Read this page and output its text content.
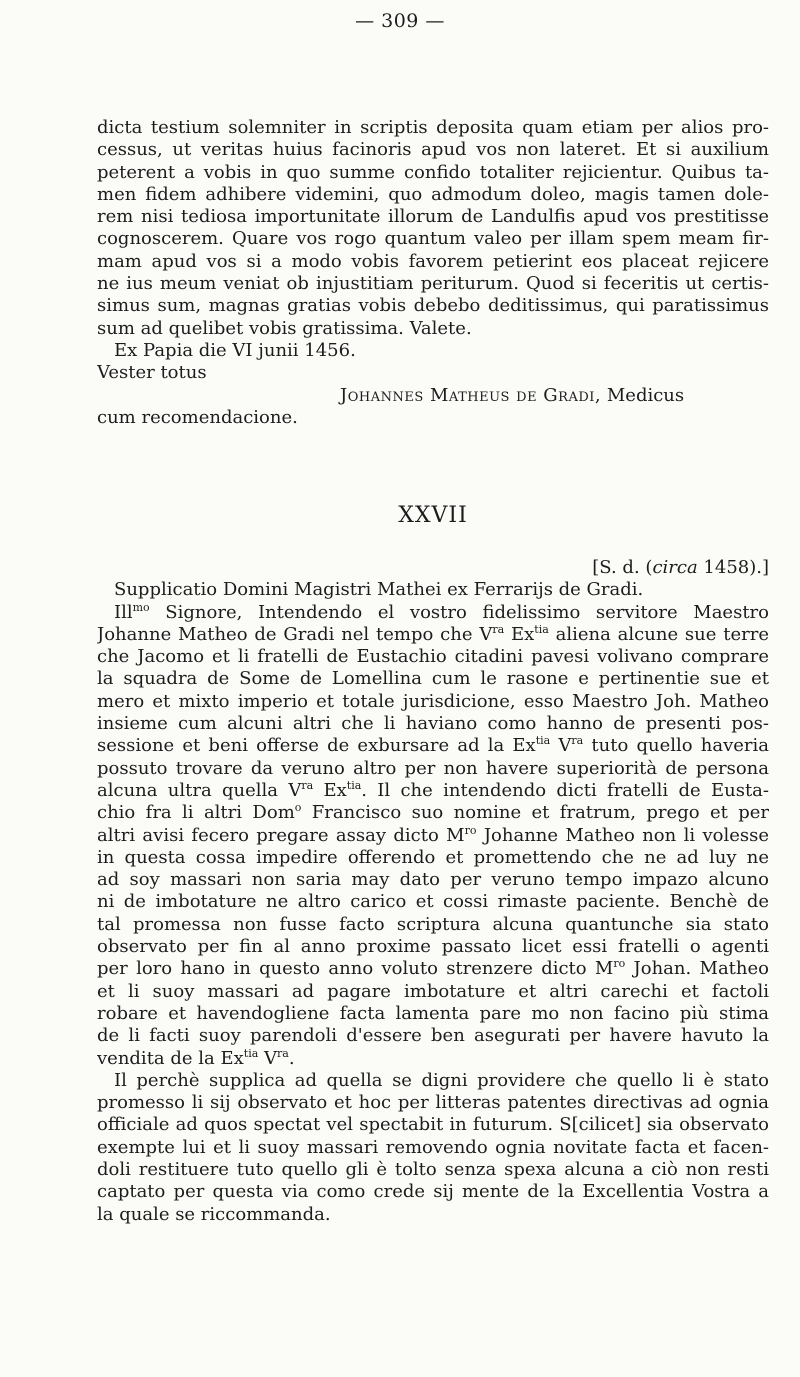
— 309 —
dicta testium solemniter in scriptis deposita quam etiam per alios pro-
cessus, ut veritas huius facinoris apud vos non lateret. Et si auxilium
peterent a vobis in quo summe confido totaliter rejicientur. Quibus ta-
men fidem adhibere videmini, quo admodum doleo, magis tamen dole-
rem nisi tediosa importunitate illorum de Landulfis apud vos prestitisse
cognoscerem. Quare vos rogo quantum valeo per illam spem meam fir-
mam apud vos si a modo vobis favorem petierint eos placeat rejicere
ne ius meum veniat ob injustitiam periturum. Quod si feceritis ut certis-
simus sum, magnas gratias vobis debebo deditissimus, qui paratissimus
sum ad quelibet vobis gratissima. Valete.
Ex Papia die VI junii 1456.
Vester totus
Johannes Matheus de Gradi, Medicus
cum recomendacione.
XXVII
[S. d. (circa 1458).]
Supplicatio Domini Magistri Mathei ex Ferrarijs de Gradi.
Ill$^{mo}$ Signore, Intendendo el vostro fidelissimo servitore Maestro
Johanne Matheo de Gradi nel tempo che $V^{ra}$ $Ex^{tia}$ aliena alcune sue terre
che Jacomo et li fratelli de Eustachio citadini pavesi volivano comprare
la squadra de Some de Lomellina cum le rasone e pertinentie sue et
mero et mixto imperio et totale jurisdicione, esso Maestro Joh. Matheo
insieme cum alcuni altri che li haviano como hanno de presenti pos-
sessione et beni offerse de exbursare ad la $Ex^{tia}$ $V^{ra}$ tuto quello haveria
possuto trovare da veruno altro per non havere superiorità de persona
alcuna ultra quella $V^{ra}$ $Ex^{tia}$. Il che intendendo dicti fratelli de Eusta-
chio fra li altri Dom$^o$ Francisco suo nomine et fratrum, prego et per
altri avisi fecero pregare assay dicto $M^{ro}$ Johanne Matheo non li volesse
in questa cossa impedire offerendo et promettendo che ne ad luy ne
ad soy massari non saria may dato per veruno tempo impazo alcuno
ni de imbotature ne altro carico et cossi rimaste paciente. Benchè de
tal promessa non fusse facto scriptura alcuna quantunche sia stato
observato per fin al anno proxime passato licet essi fratelli o agenti
per loro hano in questo anno voluto strenzere dicto $M^{ro}$ Johan. Matheo
et li suoy massari ad pagare imbotature et altri carechi et factoli
robare et havendogliene facta lamenta pare mo non facino più stima
de li facti suoy parendoli d'essere ben asegurati per havere havuto la
vendita de la $Ex^{tia}$ $V^{ra}$.
Il perchè supplica ad quella se digni providere che quello li è stato
promesso li sij observato et hoc per litteras patentes directivas ad ognia
officiale ad quos spectat vel spectabit in futurum. S[cilicet] sia observato
exempte lui et li suoy massari removendo ognia novitate facta et facen-
doli restituere tuto quello gli è tolto senza spexa alcuna a ciò non resti
captato per questa via como crede sij mente de la Excellentia Vostra a
la quale se riccommanda.
